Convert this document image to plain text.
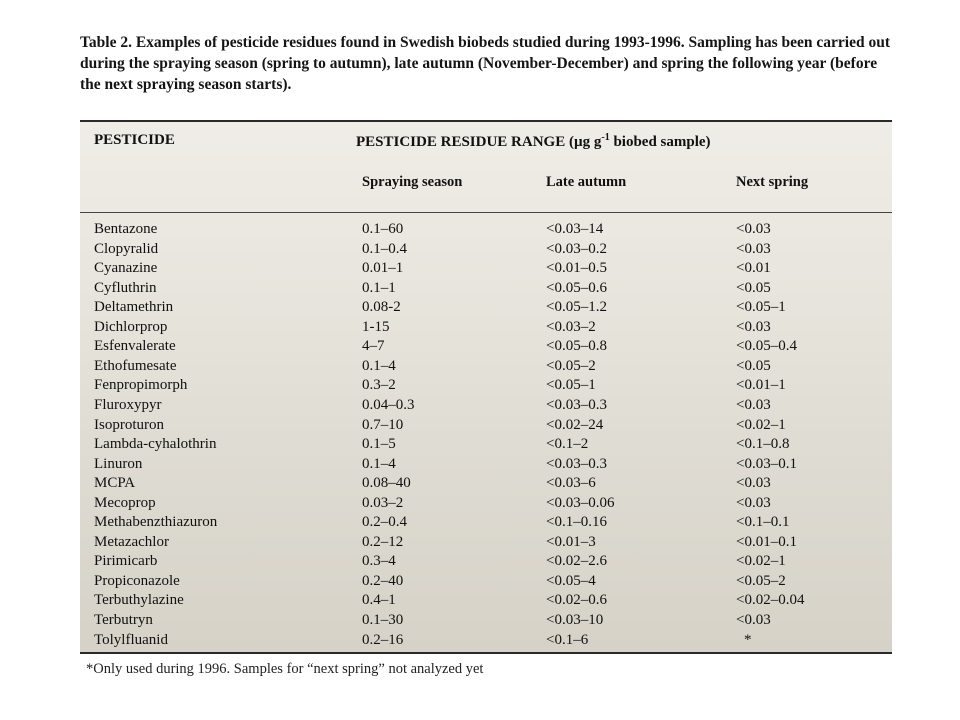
Table 2. Examples of pesticide residues found in Swedish biobeds studied during 1993-1996. Sampling has been carried out during the spraying season (spring to autumn), late autumn (November-December) and spring the following year (before the next spraying season starts).
PESTICIDE	PESTICIDE RESIDUE RANGE (µg $g^{-1}$ biobed sample)
Spraying season	Late autumn	Next spring
Bentazone	0.1–60	<0.03–14	<0.03
Clopyralid	0.1–0.4	<0.03–0.2	<0.03
Cyanazine	0.01–1	<0.01–0.5	<0.01
Cyfluthrin	0.1–1	<0.05–0.6	<0.05
Deltamethrin	0.08-2	<0.05–1.2	<0.05–1
Dichlorprop	1-15	<0.03–2	<0.03
Esfenvalerate	4–7	<0.05–0.8	<0.05–0.4
Ethofumesate	0.1–4	<0.05–2	<0.05
Fenpropimorph	0.3–2	<0.05–1	<0.01–1
Fluroxypyr	0.04–0.3	<0.03–0.3	<0.03
Isoproturon	0.7–10	<0.02–24	<0.02–1
Lambda-cyhalothrin	0.1–5	<0.1–2	<0.1–0.8
Linuron	0.1–4	<0.03–0.3	<0.03–0.1
MCPA	0.08–40	<0.03–6	<0.03
Mecoprop	0.03–2	<0.03–0.06	<0.03
Methabenzthiazuron	0.2–0.4	<0.1–0.16	<0.1–0.1
Metazachlor	0.2–12	<0.01–3	<0.01–0.1
Pirimicarb	0.3–4	<0.02–2.6	<0.02–1
Propiconazole	0.2–40	<0.05–4	<0.05–2
Terbuthylazine	0.4–1	<0.02–0.6	<0.02–0.04
Terbutryn	0.1–30	<0.03–10	<0.03
Tolylfluanid	0.2–16	<0.1–6	*
*Only used during 1996. Samples for “next spring” not analyzed yet
